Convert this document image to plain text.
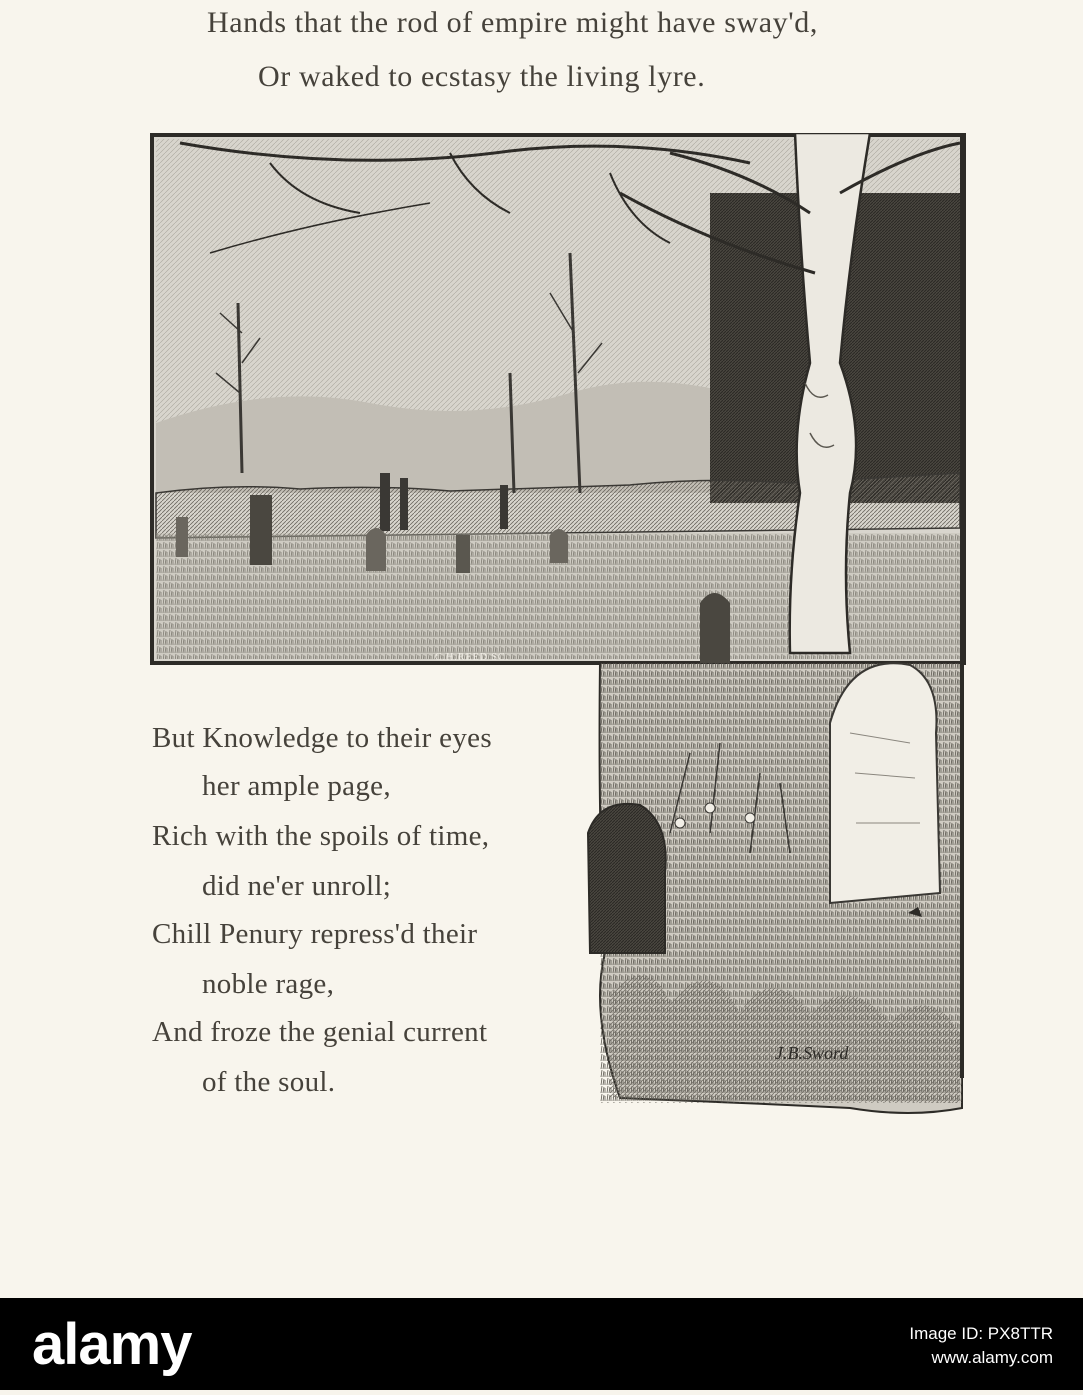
Hands that the rod of empire might have sway'd,
Or waked to ecstasy the living lyre.
C.H.REED SC.
J.B.Sword
But Knowledge to their eyes
her ample page,
Rich with the spoils of time,
did ne'er unroll;
Chill Penury repress'd their
noble rage,
And froze the genial current
of the soul.
alamy	Image ID: PX8TTR
www.alamy.com
